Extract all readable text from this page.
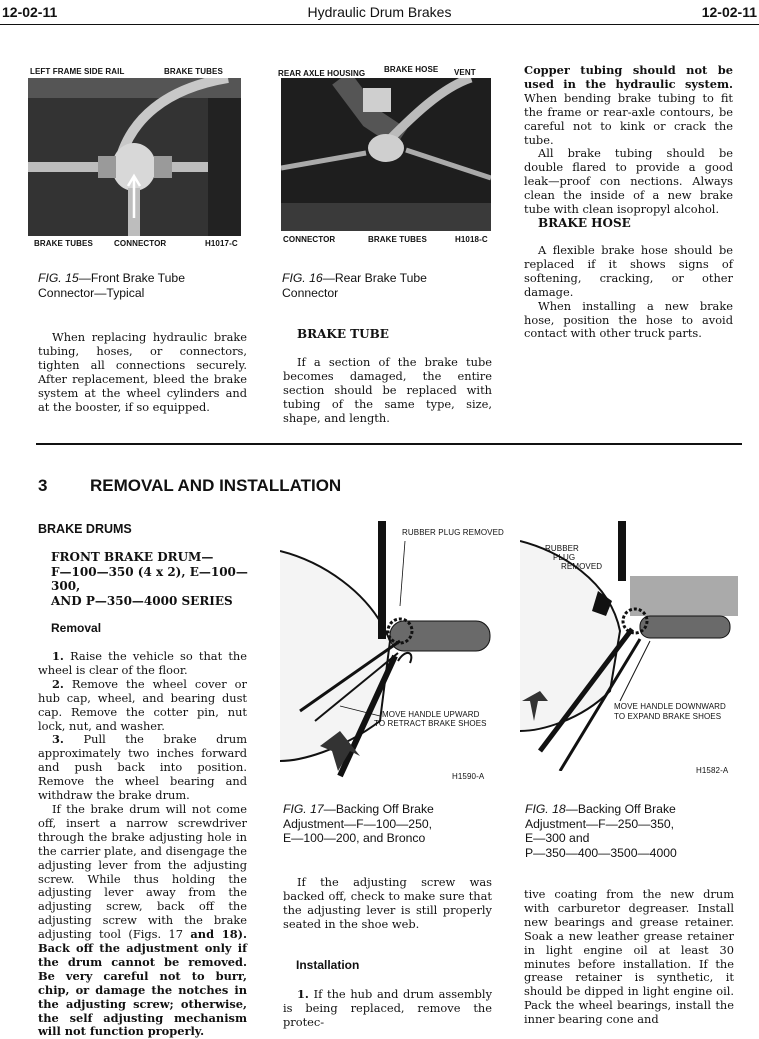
12-02-11	Hydraulic Drum Brakes	12-02-11
LEFT FRAME SIDE RAIL	BRAKE TUBES
BRAKE TUBES	CONNECTOR	H1017-C
FIG. 15—Front Brake Tube
Connector—Typical
REAR AXLE HOUSING BRAKE HOSE VENT
CONNECTOR	BRAKE TUBES	H1018-C
FIG. 16—Rear Brake Tube
Connector

When replacing hydraulic brake tubing, hoses, or connectors, tighten all connections securely. After replacement, bleed the brake system at the wheel cylinders and at the booster, if so equipped.

BRAKE TUBE

If a section of the brake tube becomes damaged, the entire section should be replaced with tubing of the same type, size, shape, and length.

Copper tubing should not be used in the hydraulic system. When bending brake tubing to fit the frame or rear-axle contours, be careful not to kink or crack the tube.

All brake tubing should be double flared to provide a good leak—proof con nections. Always clean the inside of a new brake tube with clean isopropyl alcohol.

BRAKE HOSE

A flexible brake hose should be replaced if it shows signs of softening, cracking, or other damage.

When installing a new brake hose, position the hose to avoid contact with other truck parts.

3	REMOVAL AND INSTALLATION
BRAKE DRUMS
FRONT BRAKE DRUM—
F—100—350 (4 x 2), E—100—300,
AND P—350—4000 SERIES
Removal

1. Raise the vehicle so that the wheel is clear of the floor.

2. Remove the wheel cover or hub cap, wheel, and bearing dust cap. Remove the cotter pin, nut lock, nut, and washer.

3. Pull the brake drum approximately two inches forward and push back into position. Remove the wheel bearing and withdraw the brake drum.

If the brake drum will not come off, insert a narrow screwdriver through the brake adjusting hole in the carrier plate, and disengage the adjusting lever from the adjusting screw. While thus holding the adjusting lever away from the adjusting screw, back off the adjusting screw with the brake adjusting tool (Figs. 17 and 18). Back off the adjustment only if the drum cannot be removed. Be very careful not to burr, chip, or damage the notches in the adjusting screw; otherwise, the self adjusting mechanism will not function properly.

RUBBER PLUG REMOVED
MOVE HANDLE UPWARD
TO RETRACT BRAKE SHOES
H1590-A
FIG. 17—Backing Off Brake
Adjustment—F—100—250,
E—100—200, and Bronco
RUBBER
PLUG
REMOVED
MOVE HANDLE DOWNWARD
TO EXPAND BRAKE SHOES
H1582-A
FIG. 18—Backing Off Brake
Adjustment—F—250—350,
E—300 and
P—350—400—3500—4000

If the adjusting screw was backed off, check to make sure that the adjusting lever is still properly seated in the shoe web.

Installation

1. If the hub and drum assembly is being replaced, remove the protec-

tive coating from the new drum with carburetor degreaser. Install new bearings and grease retainer. Soak a new leather grease retainer in light engine oil at least 30 minutes before installation. If the grease retainer is synthetic, it should be dipped in light engine oil. Pack the wheel bearings, install the inner bearing cone and
